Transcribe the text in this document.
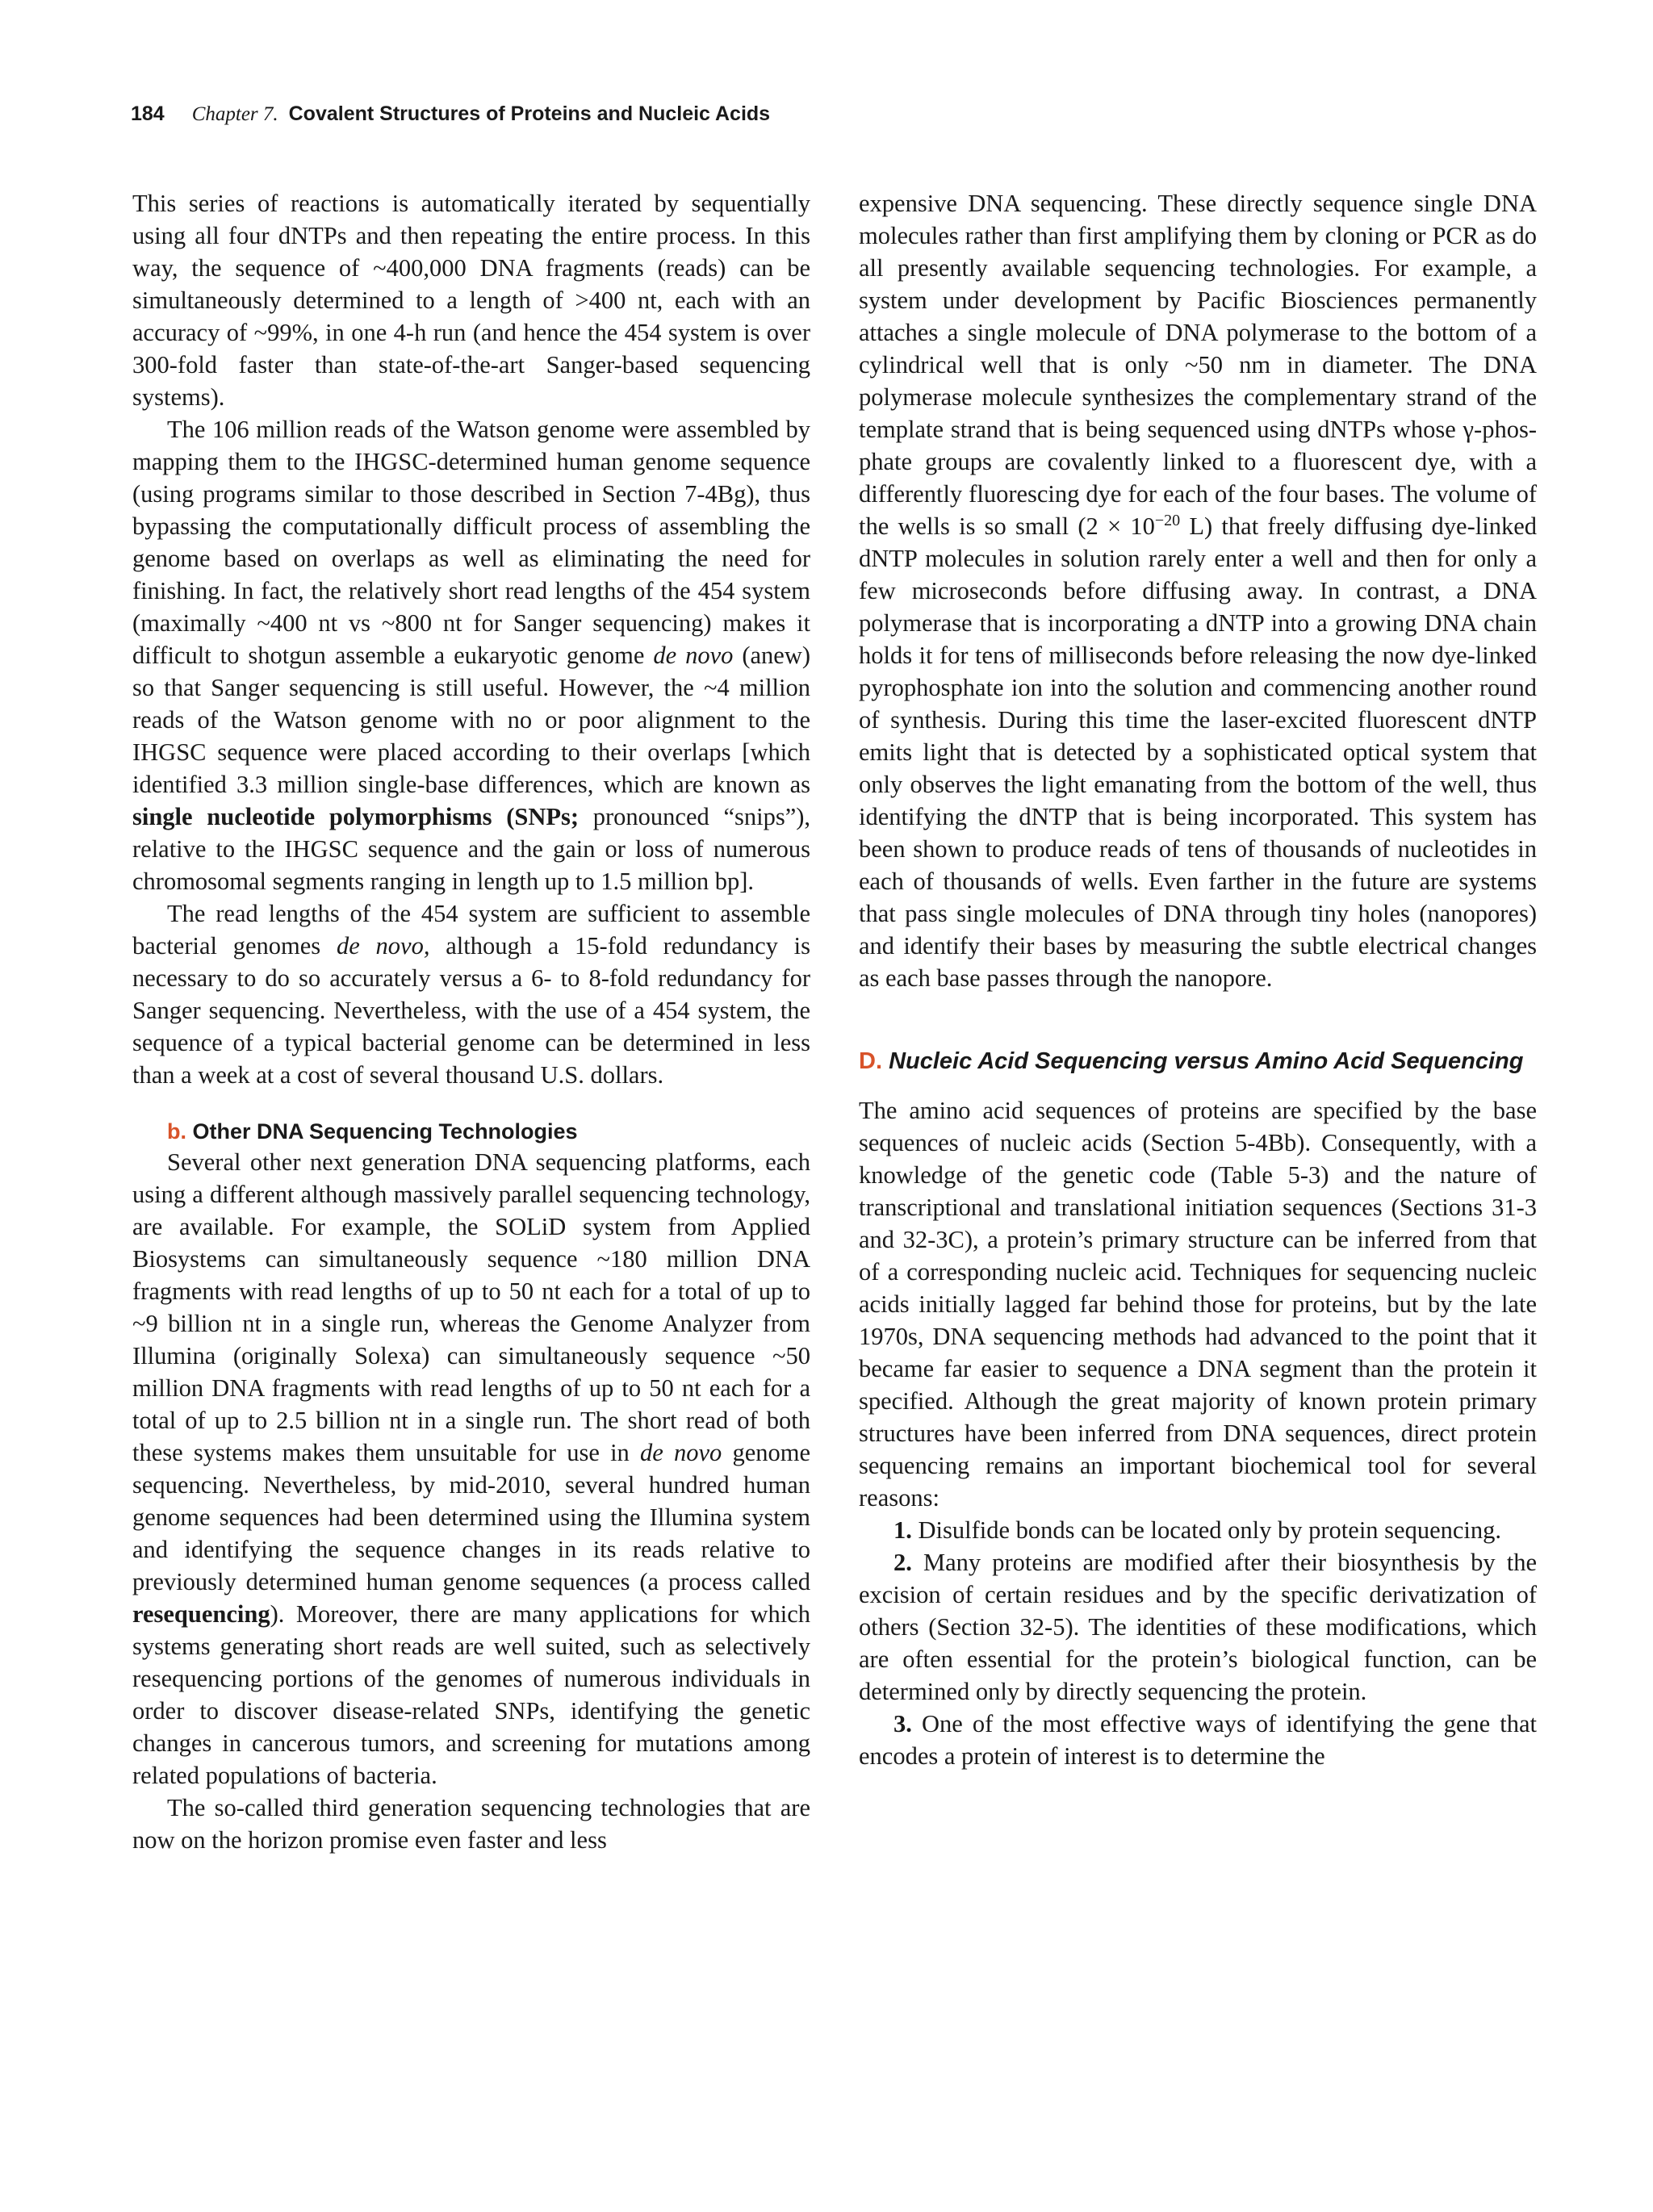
184 Chapter 7. Covalent Structures of Proteins and Nucleic Acids

This series of reactions is automatically iterated by sequentially using all four dNTPs and then repeating the entire process. In this way, the sequence of ~400,000 DNA fragments (reads) can be simultaneously determined to a length of >400 nt, each with an accuracy of ~99%, in one 4-h run (and hence the 454 system is over 300-fold faster than state-of-the-art Sanger-based sequencing systems).

The 106 million reads of the Watson genome were assembled by mapping them to the IHGSC-determined human genome sequence (using programs similar to those described in Section 7-4Bg), thus bypassing the computationally difficult process of assembling the genome based on overlaps as well as eliminating the need for finishing. In fact, the relatively short read lengths of the 454 system (maximally ~400 nt vs ~800 nt for Sanger sequencing) makes it difficult to shotgun assemble a eukaryotic genome de novo (anew) so that Sanger sequencing is still useful. However, the ~4 million reads of the Watson genome with no or poor alignment to the IHGSC sequence were placed according to their overlaps [which identified 3.3 million single-base differences, which are known as single nucleotide polymorphisms (SNPs; pronounced “snips”), relative to the IHGSC sequence and the gain or loss of numerous chromosomal segments ranging in length up to 1.5 million bp].

The read lengths of the 454 system are sufficient to assemble bacterial genomes de novo, although a 15-fold redundancy is necessary to do so accurately versus a 6- to 8-fold redundancy for Sanger sequencing. Nevertheless, with the use of a 454 system, the sequence of a typical bacterial genome can be determined in less than a week at a cost of several thousand U.S. dollars.

b. Other DNA Sequencing Technologies

Several other next generation DNA sequencing platforms, each using a different although massively parallel sequencing technology, are available. For example, the SOLiD system from Applied Biosystems can simultaneously sequence ~180 million DNA fragments with read lengths of up to 50 nt each for a total of up to ~9 billion nt in a single run, whereas the Genome Analyzer from Illumina (originally Solexa) can simultaneously sequence ~50 million DNA fragments with read lengths of up to 50 nt each for a total of up to 2.5 billion nt in a single run. The short read of both these systems makes them unsuitable for use in de novo genome sequencing. Nevertheless, by mid-2010, several hundred human genome sequences had been determined using the Illumina system and identifying the sequence changes in its reads relative to previously determined human genome sequences (a process called resequencing). Moreover, there are many applications for which systems generating short reads are well suited, such as selectively resequencing portions of the genomes of numerous individuals in order to discover disease-related SNPs, identifying the genetic changes in cancerous tumors, and screening for mutations among related populations of bacteria.

The so-called third generation sequencing technologies that are now on the horizon promise even faster and less

expensive DNA sequencing. These directly sequence single DNA molecules rather than first amplifying them by cloning or PCR as do all presently available sequencing technologies. For example, a system under development by Pacific Biosciences permanently attaches a single molecule of DNA polymerase to the bottom of a cylindrical well that is only ~50 nm in diameter. The DNA polymerase molecule synthesizes the complementary strand of the template strand that is being sequenced using dNTPs whose γ-phosphate groups are covalently linked to a fluorescent dye, with a differently fluorescing dye for each of the four bases. The volume of the wells is so small ($2 \times 10^{-20}$ L) that freely diffusing dye-linked dNTP molecules in solution rarely enter a well and then for only a few microseconds before diffusing away. In contrast, a DNA polymerase that is incorporating a dNTP into a growing DNA chain holds it for tens of milliseconds before releasing the now dye-linked pyrophosphate ion into the solution and commencing another round of synthesis. During this time the laser-excited fluorescent dNTP emits light that is detected by a sophisticated optical system that only observes the light emanating from the bottom of the well, thus identifying the dNTP that is being incorporated. This system has been shown to produce reads of tens of thousands of nucleotides in each of thousands of wells. Even farther in the future are systems that pass single molecules of DNA through tiny holes (nanopores) and identify their bases by measuring the subtle electrical changes as each base passes through the nanopore.

D. Nucleic Acid Sequencing versus Amino Acid Sequencing

The amino acid sequences of proteins are specified by the base sequences of nucleic acids (Section 5-4Bb). Consequently, with a knowledge of the genetic code (Table 5-3) and the nature of transcriptional and translational initiation sequences (Sections 31-3 and 32-3C), a protein’s primary structure can be inferred from that of a corresponding nucleic acid. Techniques for sequencing nucleic acids initially lagged far behind those for proteins, but by the late 1970s, DNA sequencing methods had advanced to the point that it became far easier to sequence a DNA segment than the protein it specified. Although the great majority of known protein primary structures have been inferred from DNA sequences, direct protein sequencing remains an important biochemical tool for several reasons:

1. Disulfide bonds can be located only by protein sequencing.

2. Many proteins are modified after their biosynthesis by the excision of certain residues and by the specific derivatization of others (Section 32-5). The identities of these modifications, which are often essential for the protein’s biological function, can be determined only by directly sequencing the protein.

3. One of the most effective ways of identifying the gene that encodes a protein of interest is to determine the
